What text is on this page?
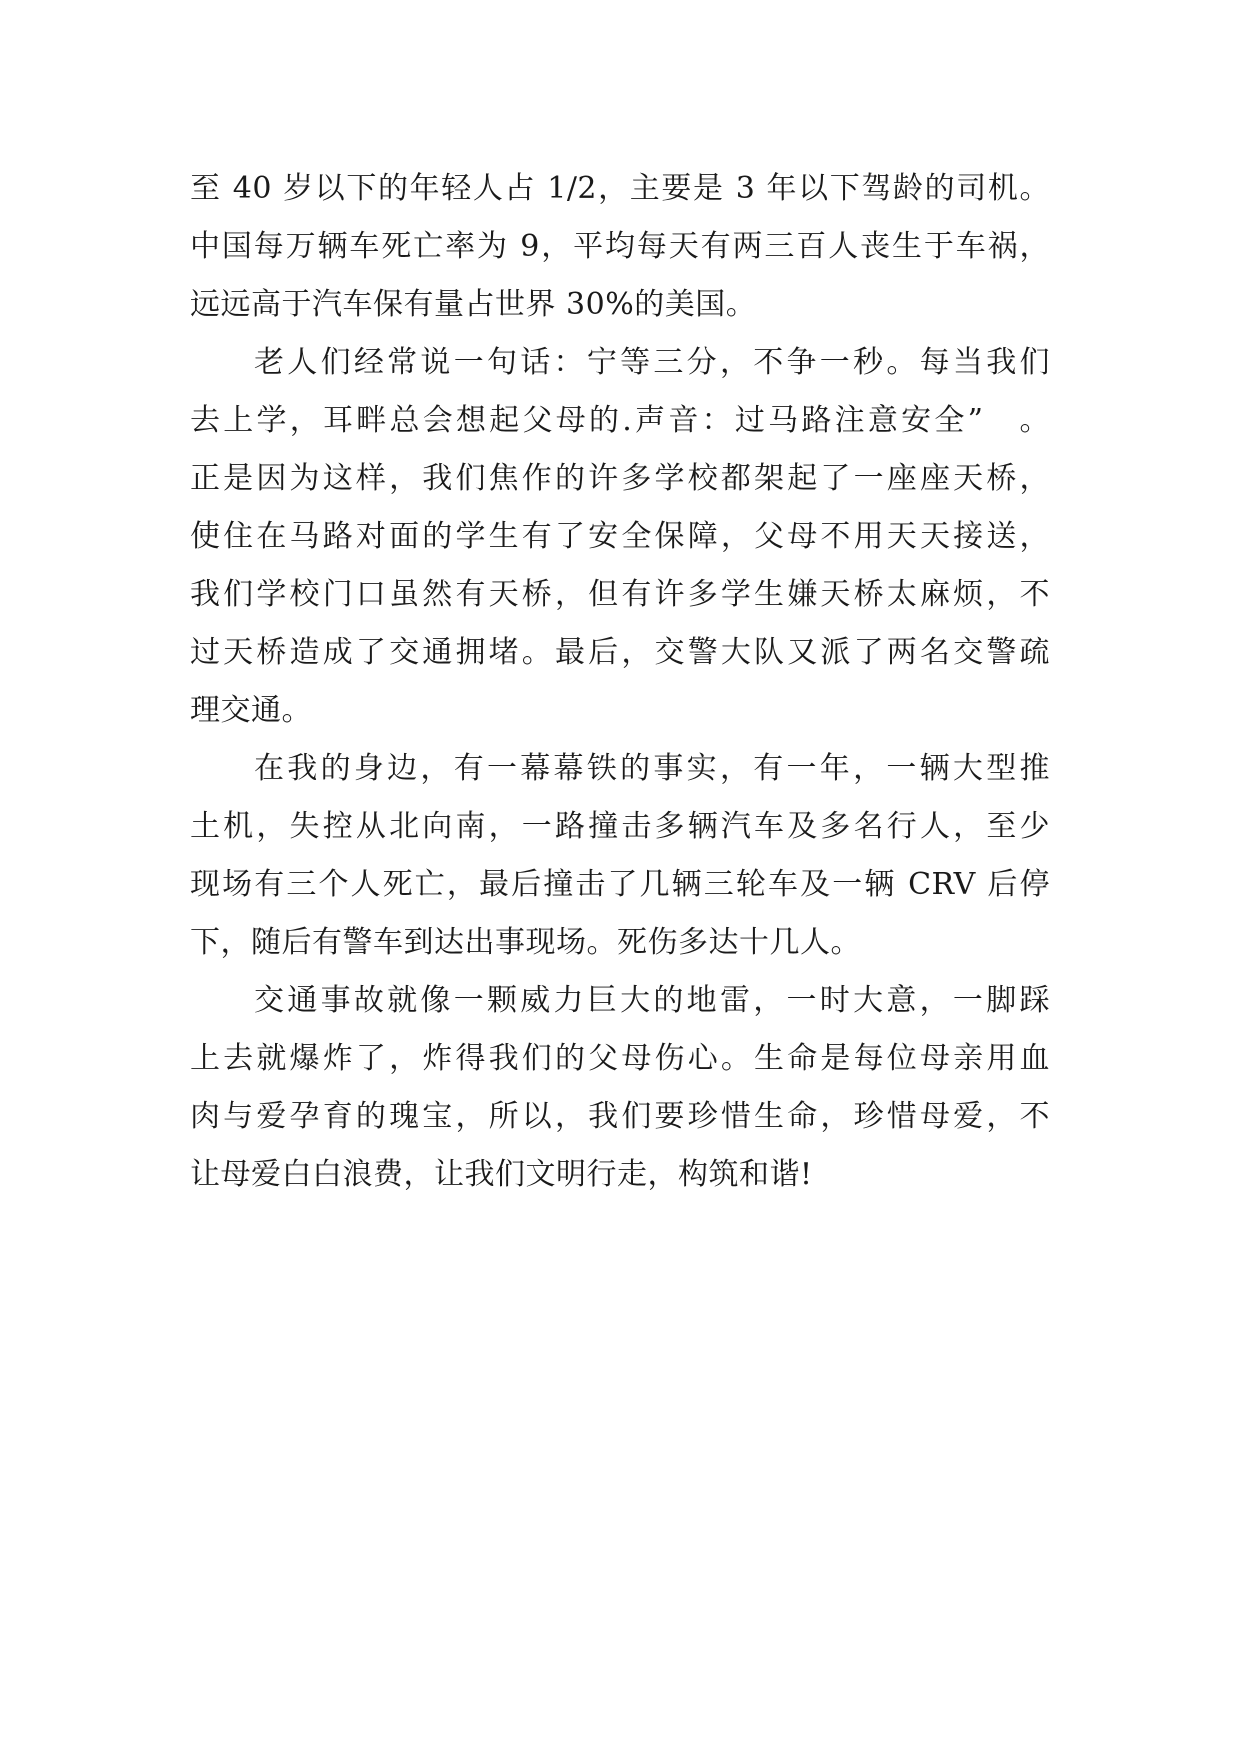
至 40 岁以下的年轻人占 1/2，主要是 3 年以下驾龄的司机。
中国每万辆车死亡率为 9，平均每天有两三百人丧生于车祸，
远远高于汽车保有量占世界 30%的美国。
老人们经常说一句话：宁等三分，不争一秒。每当我们
去上学，耳畔总会想起父母的.声音：过马路注意安全”　。
正是因为这样，我们焦作的许多学校都架起了一座座天桥，
使住在马路对面的学生有了安全保障，父母不用天天接送，
我们学校门口虽然有天桥，但有许多学生嫌天桥太麻烦，不
过天桥造成了交通拥堵。最后，交警大队又派了两名交警疏
理交通。
在我的身边，有一幕幕铁的事实，有一年，一辆大型推
土机，失控从北向南，一路撞击多辆汽车及多名行人，至少
现场有三个人死亡，最后撞击了几辆三轮车及一辆 CRV 后停
下，随后有警车到达出事现场。死伤多达十几人。
交通事故就像一颗威力巨大的地雷，一时大意，一脚踩
上去就爆炸了，炸得我们的父母伤心。生命是每位母亲用血
肉与爱孕育的瑰宝，所以，我们要珍惜生命，珍惜母爱，不
让母爱白白浪费，让我们文明行走，构筑和谐!
